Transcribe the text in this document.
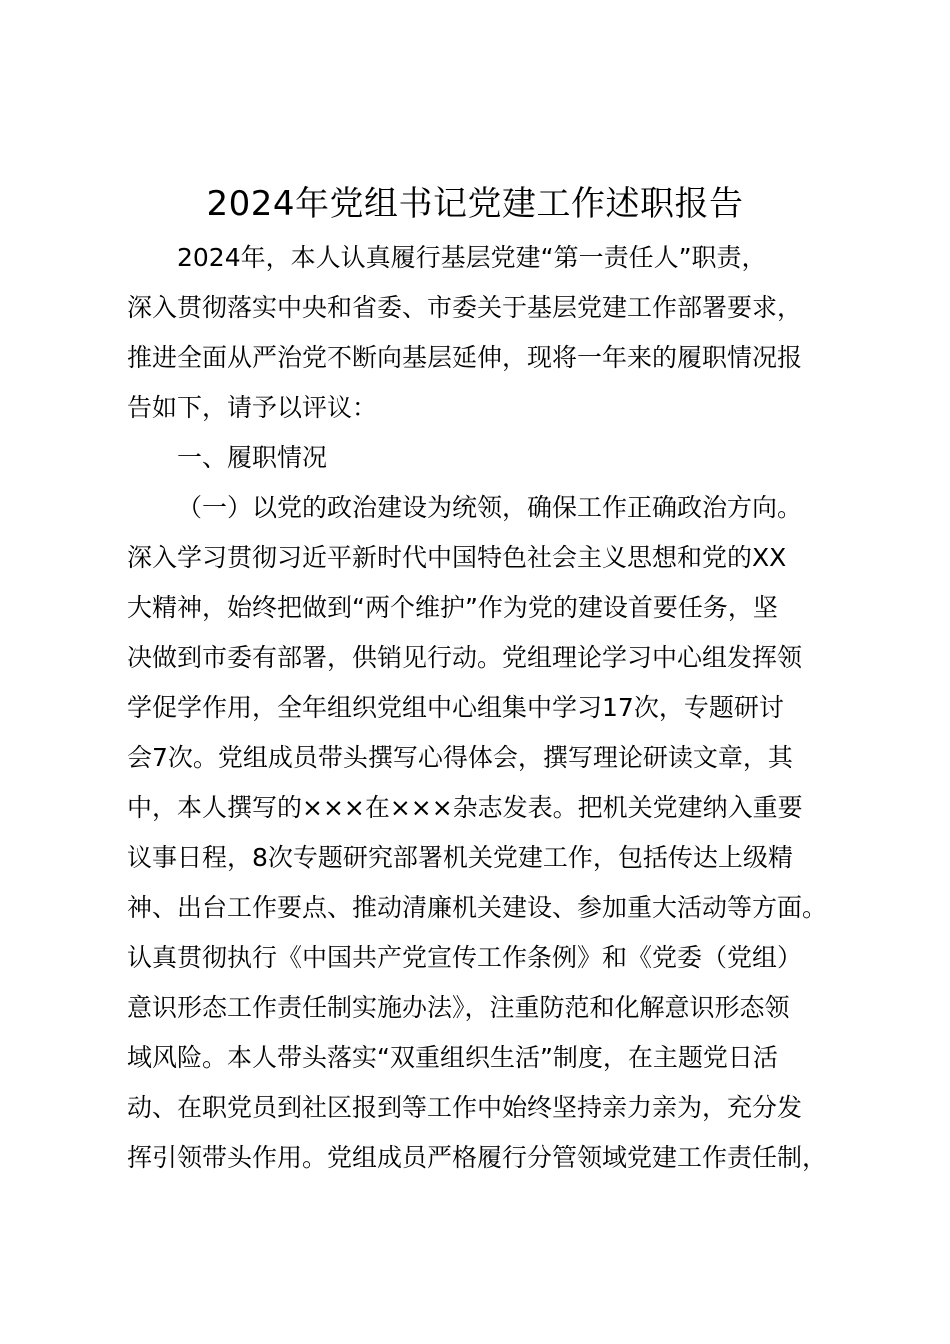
2024年党组书记党建工作述职报告
2024年，本人认真履行基层党建“第一责任人”职责，
深入贯彻落实中央和省委、市委关于基层党建工作部署要求，
推进全面从严治党不断向基层延伸，现将一年来的履职情况报
告如下，请予以评议：
一、履职情况
（一）以党的政治建设为统领，确保工作正确政治方向。
深入学习贯彻习近平新时代中国特色社会主义思想和党的XX
大精神，始终把做到“两个维护”作为党的建设首要任务，坚
决做到市委有部署，供销见行动。党组理论学习中心组发挥领
学促学作用，全年组织党组中心组集中学习17次，专题研讨
会7次。党组成员带头撰写心得体会，撰写理论研读文章，其
中，本人撰写的×××在×××杂志发表。把机关党建纳入重要
议事日程，8次专题研究部署机关党建工作，包括传达上级精
神、出台工作要点、推动清廉机关建设、参加重大活动等方面。
认真贯彻执行《中国共产党宣传工作条例》和《党委（党组）
意识形态工作责任制实施办法》，注重防范和化解意识形态领
域风险。本人带头落实“双重组织生活”制度，在主题党日活
动、在职党员到社区报到等工作中始终坚持亲力亲为，充分发
挥引领带头作用。党组成员严格履行分管领域党建工作责任制，
